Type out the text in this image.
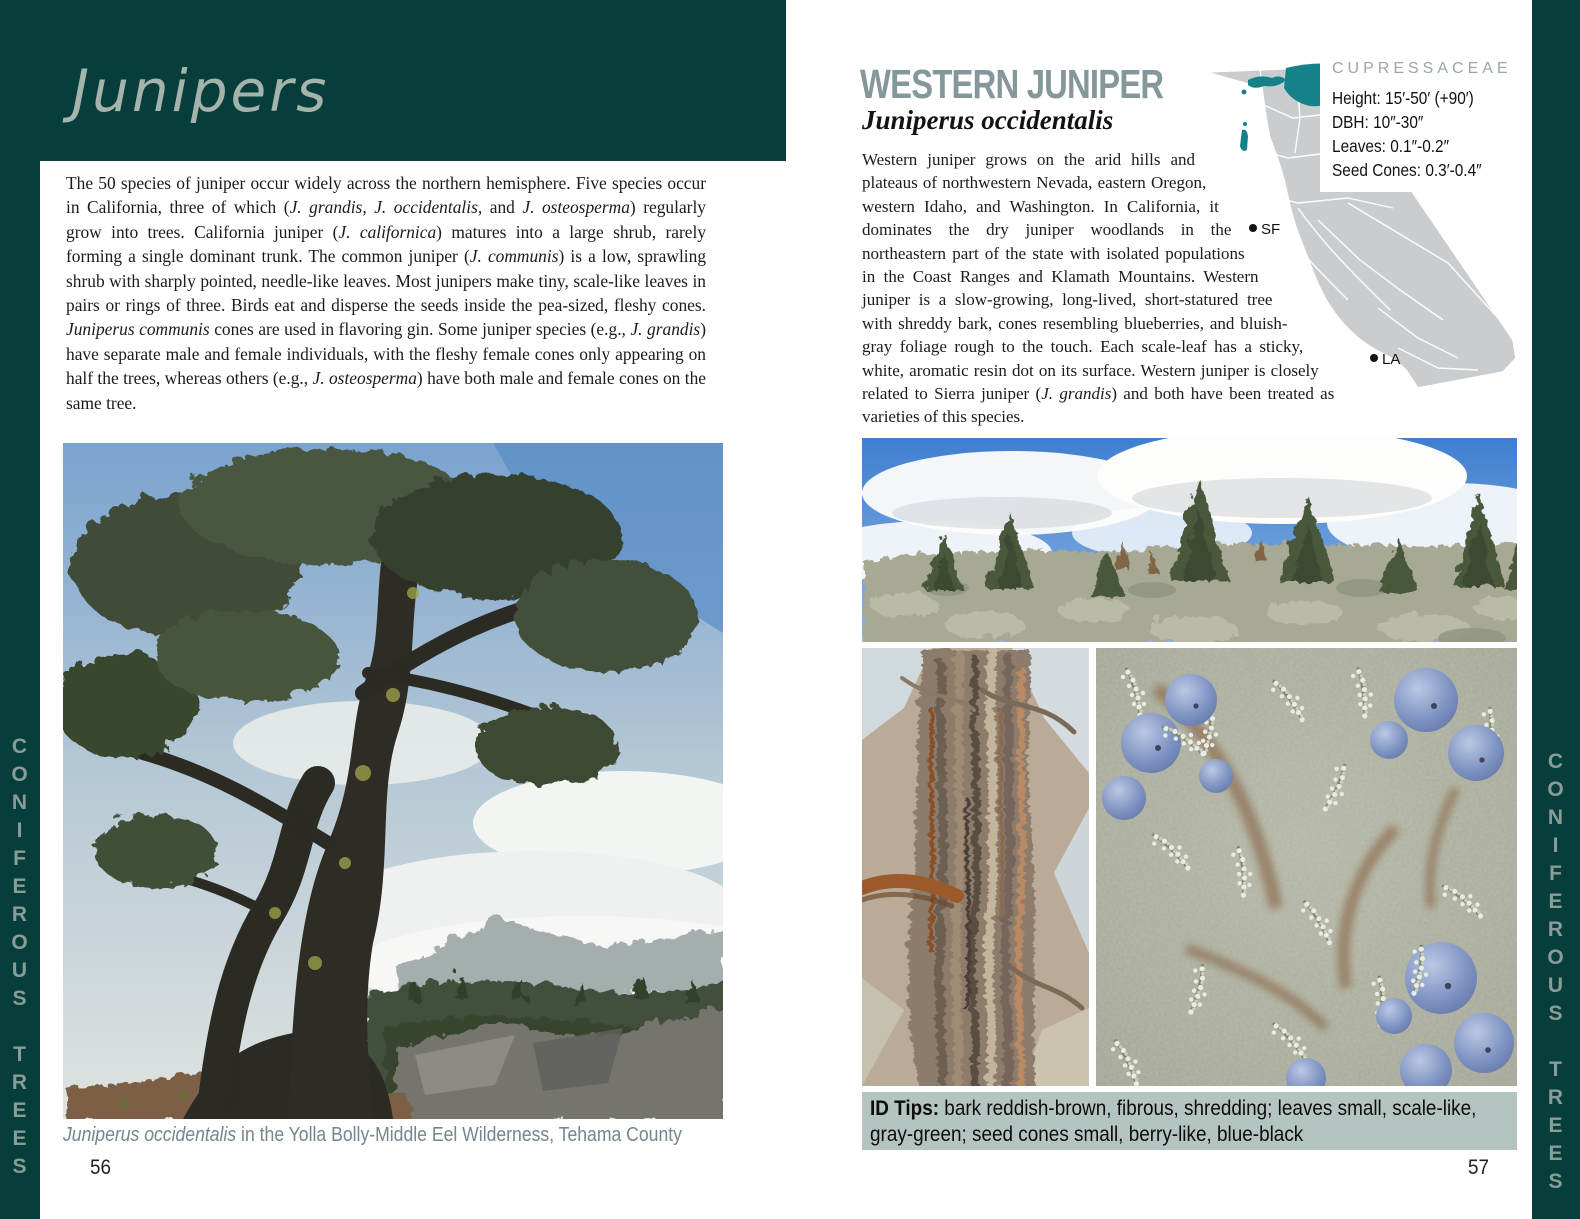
CONIFEROUS TREES	CONIFEROUS TREES
Junipers
The 50 species of juniper occur widely across the northern hemisphere. Five species occur in California, three of which (J. grandis, J. occidentalis, and J. osteosperma) regularly grow into trees. California juniper (J. californica) matures into a large shrub, rarely forming a single dominant trunk. The common juniper (J. communis) is a low, sprawling shrub with sharply pointed, needle-like leaves. Most junipers make tiny, scale-like leaves in pairs or rings of three. Birds eat and disperse the seeds inside the pea-sized, fleshy cones. Juniperus communis cones are used in flavoring gin. Some juniper species (e.g., J. grandis) have separate male and female individuals, with the fleshy female cones only appearing on half the trees, whereas others (e.g., J. osteosperma) have both male and female cones on the same tree.
Juniperus occidentalis in the Yolla Bolly-Middle Eel Wilderness, Tehama County
56
WESTERN JUNIPER
Juniperus occidentalis
SF
LA
CUPRESSACEAE
Height: 15′-50′ (+90′)
DBH: 10″-30″
Leaves: 0.1″-0.2″
Seed Cones: 0.3′-0.4″
Western juniper grows on the arid hills and plateaus of northwestern Nevada, eastern Oregon, western Idaho, and Washington. In California, it dominates the dry juniper woodlands in the northeastern part of the state with isolated populations in the Coast Ranges and Klamath Mountains. Western juniper is a slow-growing, long-lived, short-statured tree with shreddy bark, cones resembling blueberries, and bluish-gray foliage rough to the touch. Each scale-leaf has a sticky, white, aromatic resin dot on its surface. Western juniper is closely related to Sierra juniper (J. grandis) and both have been treated as varieties of this species.
ID Tips: bark reddish-brown, fibrous, shredding; leaves small, scale-like, gray-green; seed cones small, berry-like, blue-black
57
